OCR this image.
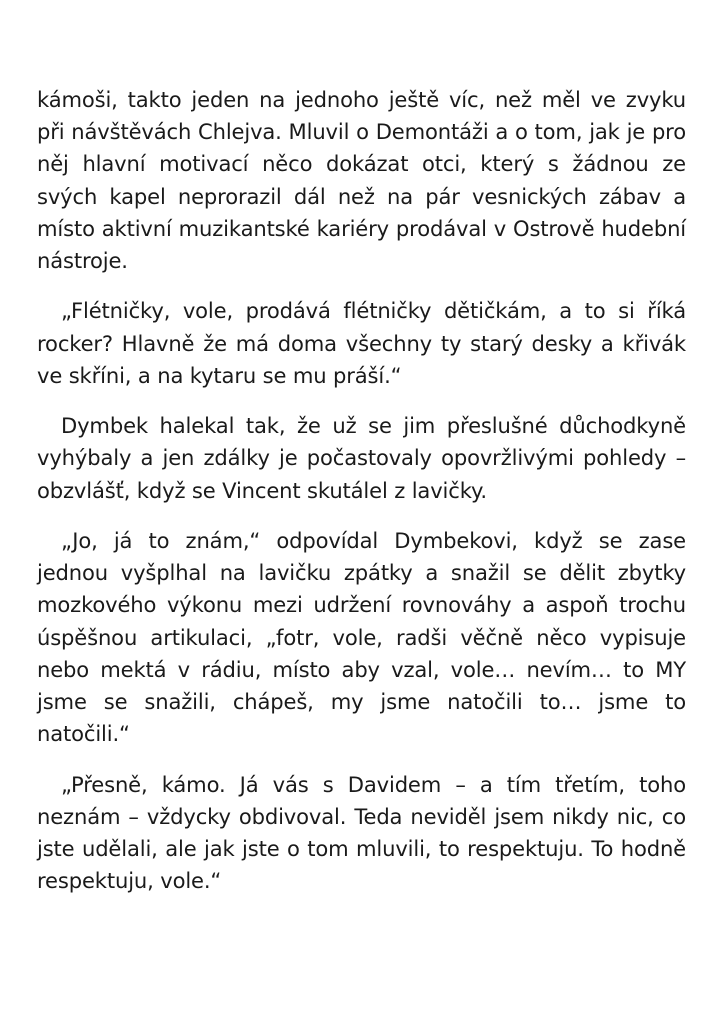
kámoši, takto jeden na jednoho ještě víc, než měl ve zvyku při návštěvách Chlejva. Mluvil o Demontáži a o tom, jak je pro něj hlavní motivací něco dokázat otci, který s žádnou ze svých kapel neprorazil dál než na pár vesnických zábav a místo aktivní muzikantské kariéry prodával v Ostrově hudební nástroje.

„Flétničky, vole, prodává flétničky dětičkám, a to si říká rocker? Hlavně že má doma všechny ty starý desky a křivák ve skříni, a na kytaru se mu práší.“

Dymbek halekal tak, že už se jim přeslušné důchodkyně vyhýbaly a jen zdálky je počastovaly opovržlivými pohledy – obzvlášť, když se Vincent skutálel z lavičky.

„Jo, já to znám,“ odpovídal Dymbekovi, když se zase jednou vyšplhal na lavičku zpátky a snažil se dělit zbytky mozkového výkonu mezi udržení rovnováhy a aspoň trochu úspěšnou artikulaci, „fotr, vole, radši věčně něco vypisuje nebo mektá v rádiu, místo aby vzal, vole… nevím… to MY jsme se snažili, chápeš, my jsme natočili to… jsme to natočili.“

„Přesně, kámo. Já vás s Davidem – a tím třetím, toho neznám – vždycky obdivoval. Teda neviděl jsem nikdy nic, co jste udělali, ale jak jste o tom mluvili, to respektuju. To hodně respektuju, vole.“
